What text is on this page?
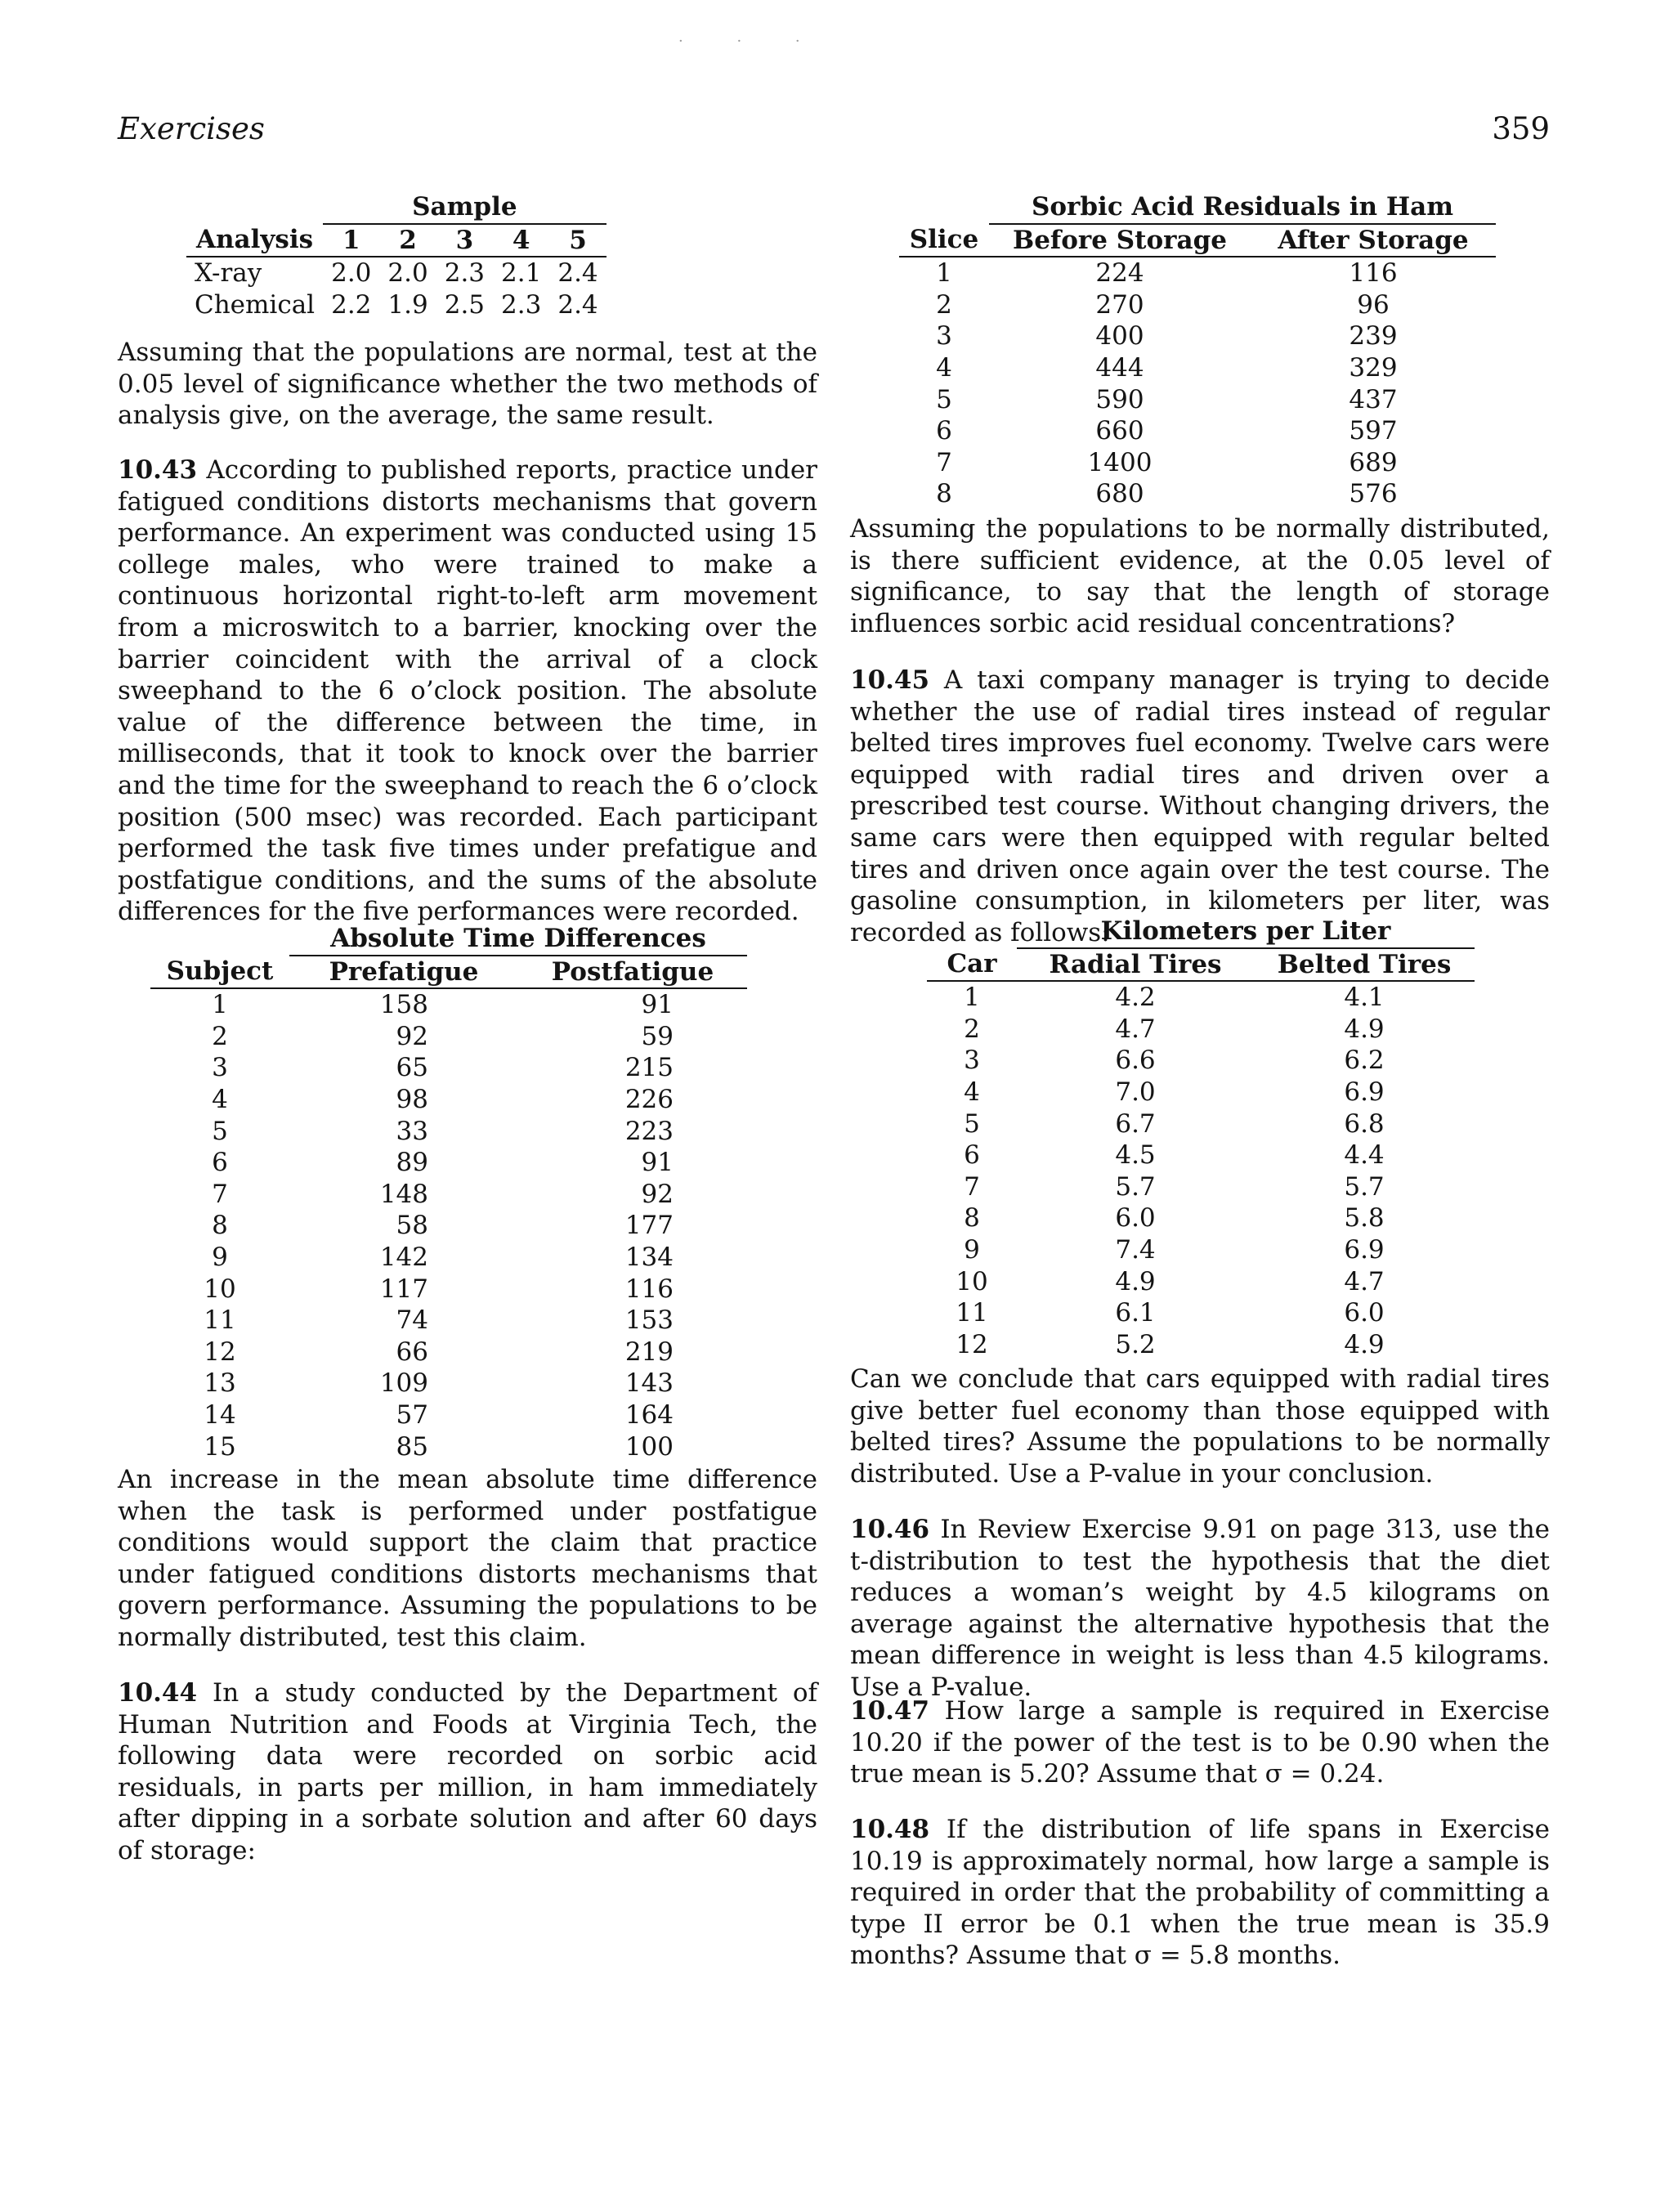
· · ·
Exercises	359
	Sample				
Analysis	1	2	3	4	5
X-ray	2.0	2.0	2.3	2.1	2.4
Chemical	2.2	1.9	2.5	2.3	2.4

Assuming that the populations are normal, test at the 0.05 level of significance whether the two methods of analysis give, on the average, the same result.

10.43 According to published reports, practice under fatigued conditions distorts mechanisms that govern performance. An experiment was conducted using 15 college males, who were trained to make a continuous horizontal right-to-left arm movement from a microswitch to a barrier, knocking over the barrier coincident with the arrival of a clock sweephand to the 6 o’clock position. The absolute value of the difference between the time, in milliseconds, that it took to knock over the barrier and the time for the sweephand to reach the 6 o’clock position (500 msec) was recorded. Each participant performed the task five times under prefatigue and postfatigue conditions, and the sums of the absolute differences for the five performances were recorded.

	Absolute Time Differences	
Subject	Prefatigue	Postfatigue
1	158	91
2	92	59
3	65	215
4	98	226
5	33	223
6	89	91
7	148	92
8	58	177
9	142	134
10	117	116
11	74	153
12	66	219
13	109	143
14	57	164
15	85	100

An increase in the mean absolute time difference when the task is performed under postfatigue conditions would support the claim that practice under fatigued conditions distorts mechanisms that govern performance. Assuming the populations to be normally distributed, test this claim.

10.44 In a study conducted by the Department of Human Nutrition and Foods at Virginia Tech, the following data were recorded on sorbic acid residuals, in parts per million, in ham immediately after dipping in a sorbate solution and after 60 days of storage:

	Sorbic Acid Residuals in Ham	
Slice	Before Storage	After Storage
1	224	116
2	270	96
3	400	239
4	444	329
5	590	437
6	660	597
7	1400	689
8	680	576

Assuming the populations to be normally distributed, is there sufficient evidence, at the 0.05 level of significance, to say that the length of storage influences sorbic acid residual concentrations?

10.45 A taxi company manager is trying to decide whether the use of radial tires instead of regular belted tires improves fuel economy. Twelve cars were equipped with radial tires and driven over a prescribed test course. Without changing drivers, the same cars were then equipped with regular belted tires and driven once again over the test course. The gasoline consumption, in kilometers per liter, was recorded as follows:

	Kilometers per Liter	
Car	Radial Tires	Belted Tires
1	4.2	4.1
2	4.7	4.9
3	6.6	6.2
4	7.0	6.9
5	6.7	6.8
6	4.5	4.4
7	5.7	5.7
8	6.0	5.8
9	7.4	6.9
10	4.9	4.7
11	6.1	6.0
12	5.2	4.9

Can we conclude that cars equipped with radial tires give better fuel economy than those equipped with belted tires? Assume the populations to be normally distributed. Use a P-value in your conclusion.

10.46 In Review Exercise 9.91 on page 313, use the t-distribution to test the hypothesis that the diet reduces a woman’s weight by 4.5 kilograms on average against the alternative hypothesis that the mean difference in weight is less than 4.5 kilograms. Use a P-value.

10.47 How large a sample is required in Exercise 10.20 if the power of the test is to be 0.90 when the true mean is 5.20? Assume that σ = 0.24.

10.48 If the distribution of life spans in Exercise 10.19 is approximately normal, how large a sample is required in order that the probability of committing a type II error be 0.1 when the true mean is 35.9 months? Assume that σ = 5.8 months.
